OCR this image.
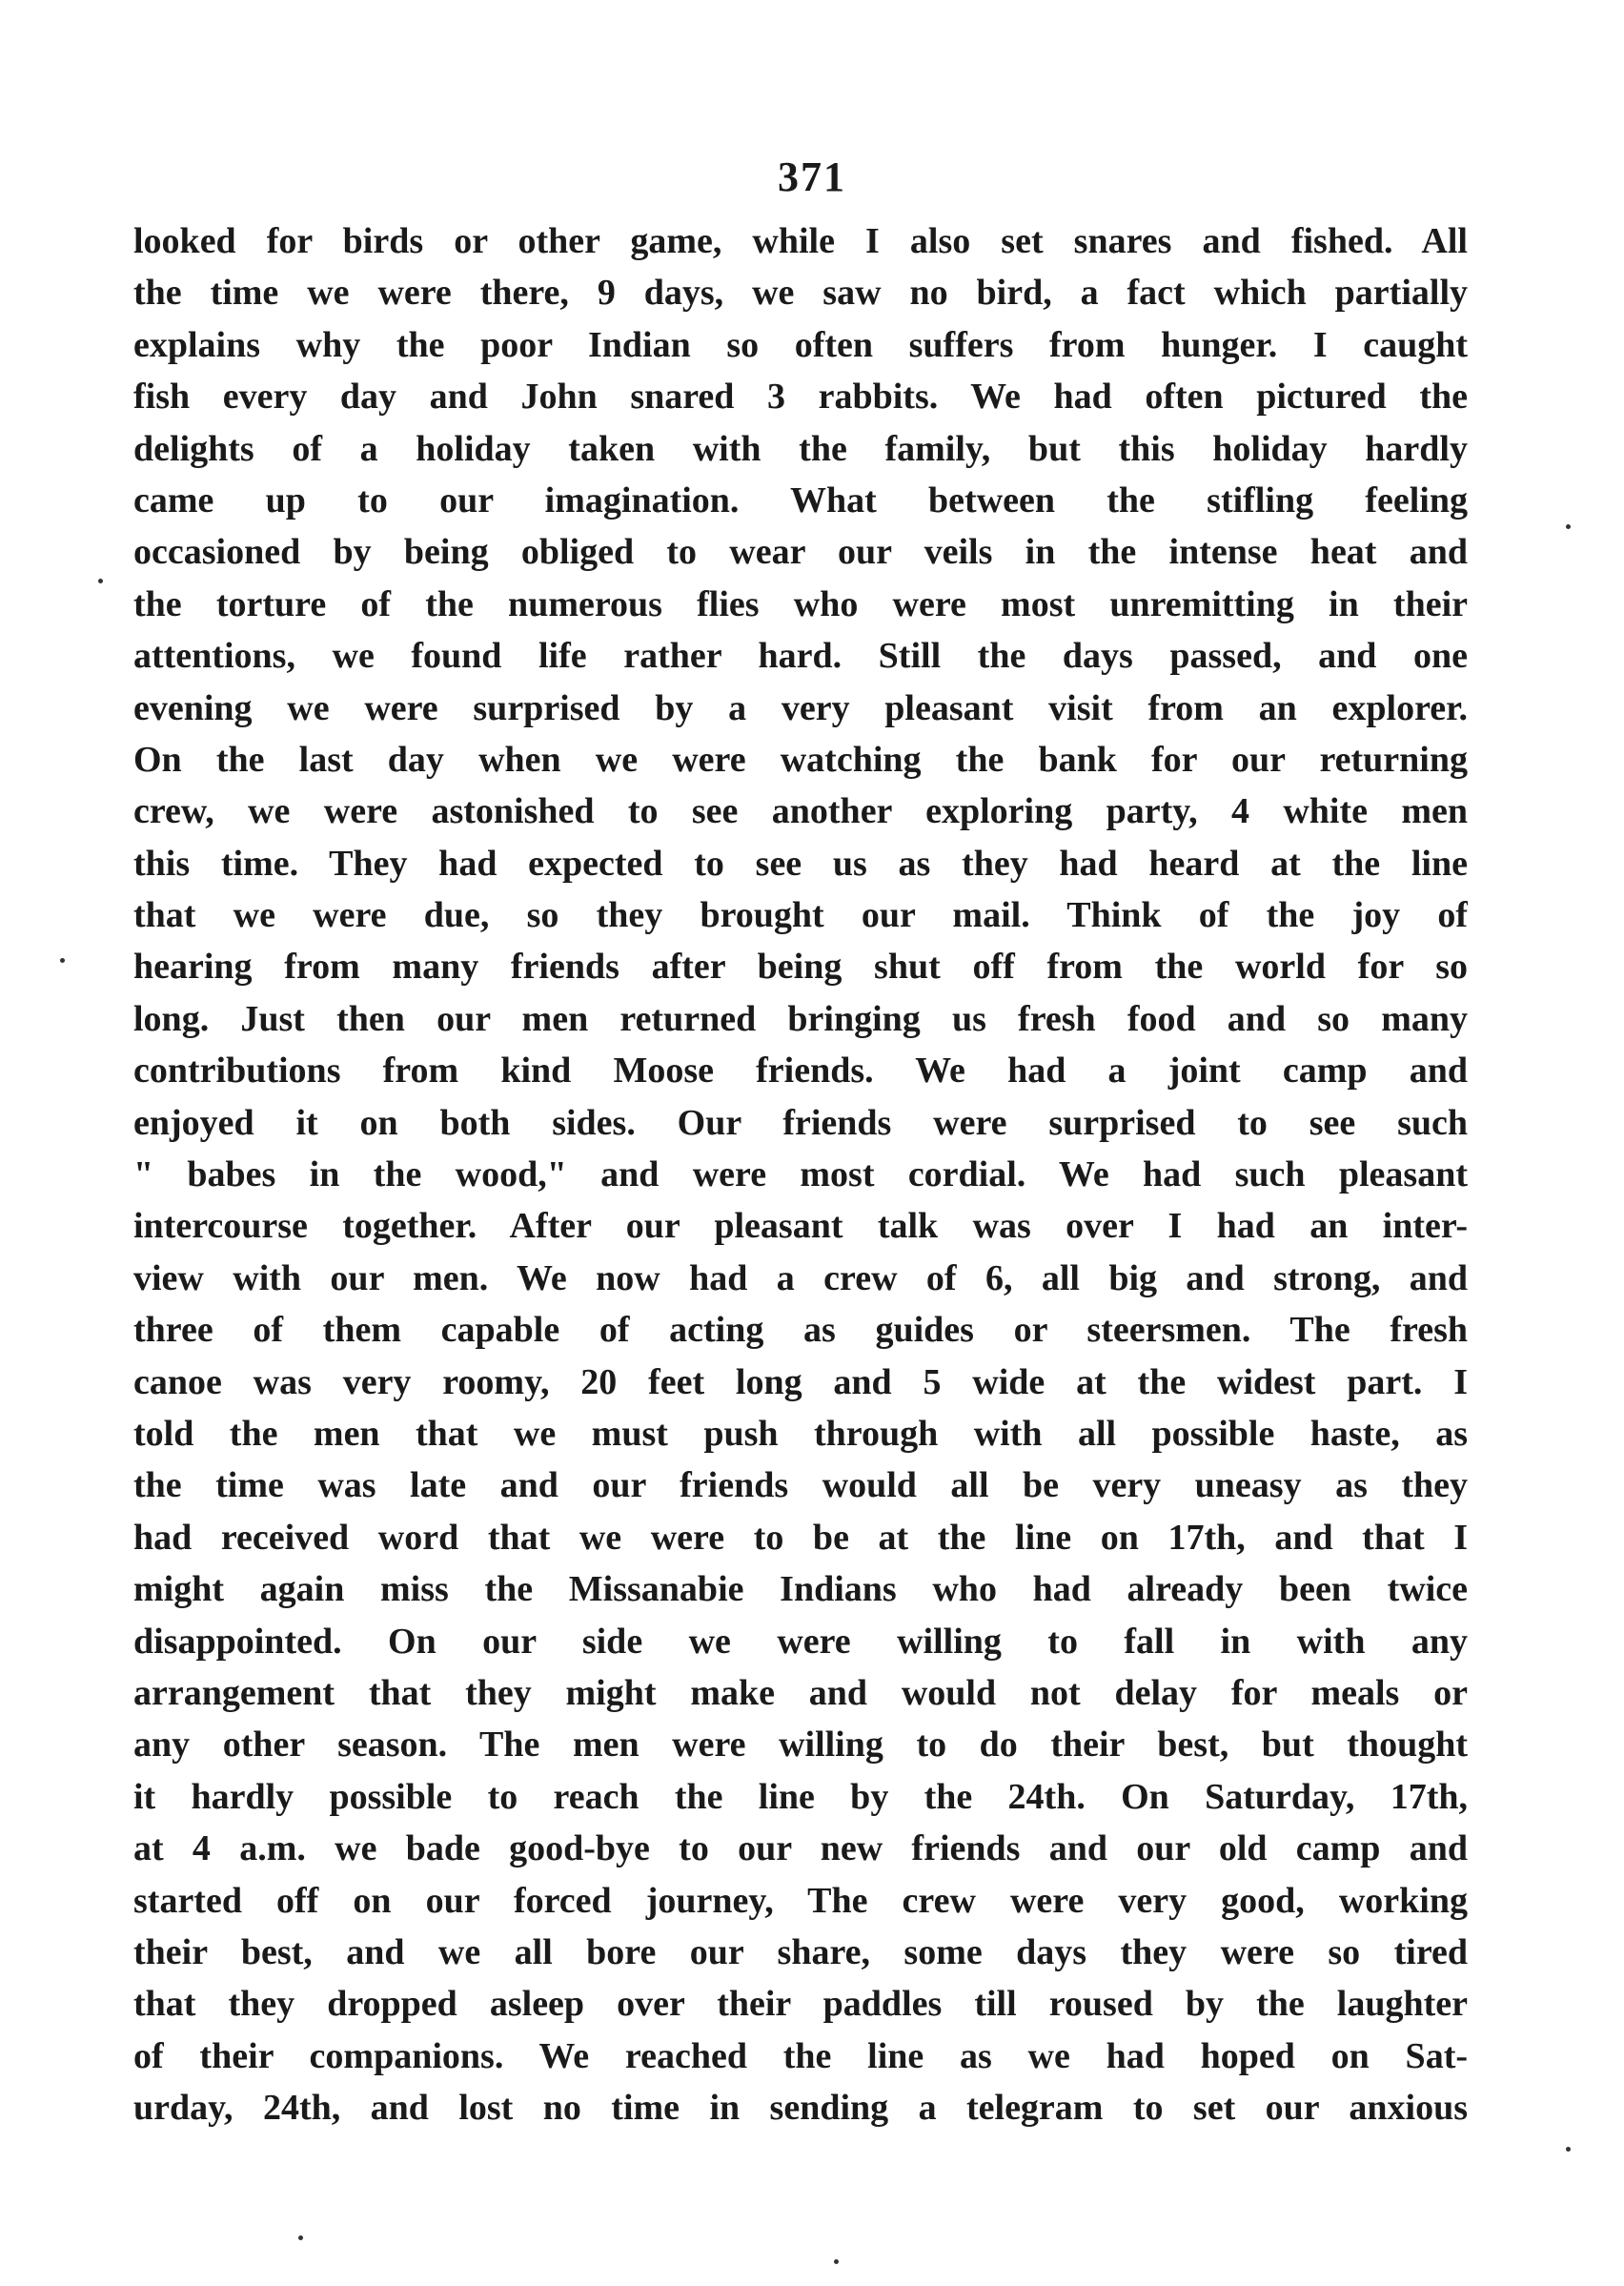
371
looked for birds or other game, while I also set snares and fished. All
the time we were there, 9 days, we saw no bird, a fact which partially
explains why the poor Indian so often suffers from hunger. I caught
fish every day and John snared 3 rabbits. We had often pictured the
delights of a holiday taken with the family, but this holiday hardly
came up to our imagination. What between the stifling feeling
occasioned by being obliged to wear our veils in the intense heat and
the torture of the numerous flies who were most unremitting in their
attentions, we found life rather hard. Still the days passed, and one
evening we were surprised by a very pleasant visit from an explorer.
On the last day when we were watching the bank for our returning
crew, we were astonished to see another exploring party, 4 white men
this time. They had expected to see us as they had heard at the line
that we were due, so they brought our mail. Think of the joy of
hearing from many friends after being shut off from the world for so
long. Just then our men returned bringing us fresh food and so many
contributions from kind Moose friends. We had a joint camp and
enjoyed it on both sides. Our friends were surprised to see such
" babes in the wood," and were most cordial. We had such pleasant
intercourse together. After our pleasant talk was over I had an inter-
view with our men. We now had a crew of 6, all big and strong, and
three of them capable of acting as guides or steersmen. The fresh
canoe was very roomy, 20 feet long and 5 wide at the widest part. I
told the men that we must push through with all possible haste, as
the time was late and our friends would all be very uneasy as they
had received word that we were to be at the line on 17th, and that I
might again miss the Missanabie Indians who had already been twice
disappointed. On our side we were willing to fall in with any
arrangement that they might make and would not delay for meals or
any other season. The men were willing to do their best, but thought
it hardly possible to reach the line by the 24th. On Saturday, 17th,
at 4 a.m. we bade good-bye to our new friends and our old camp and
started off on our forced journey, The crew were very good, working
their best, and we all bore our share, some days they were so tired
that they dropped asleep over their paddles till roused by the laughter
of their companions. We reached the line as we had hoped on Sat-
urday, 24th, and lost no time in sending a telegram to set our anxious
